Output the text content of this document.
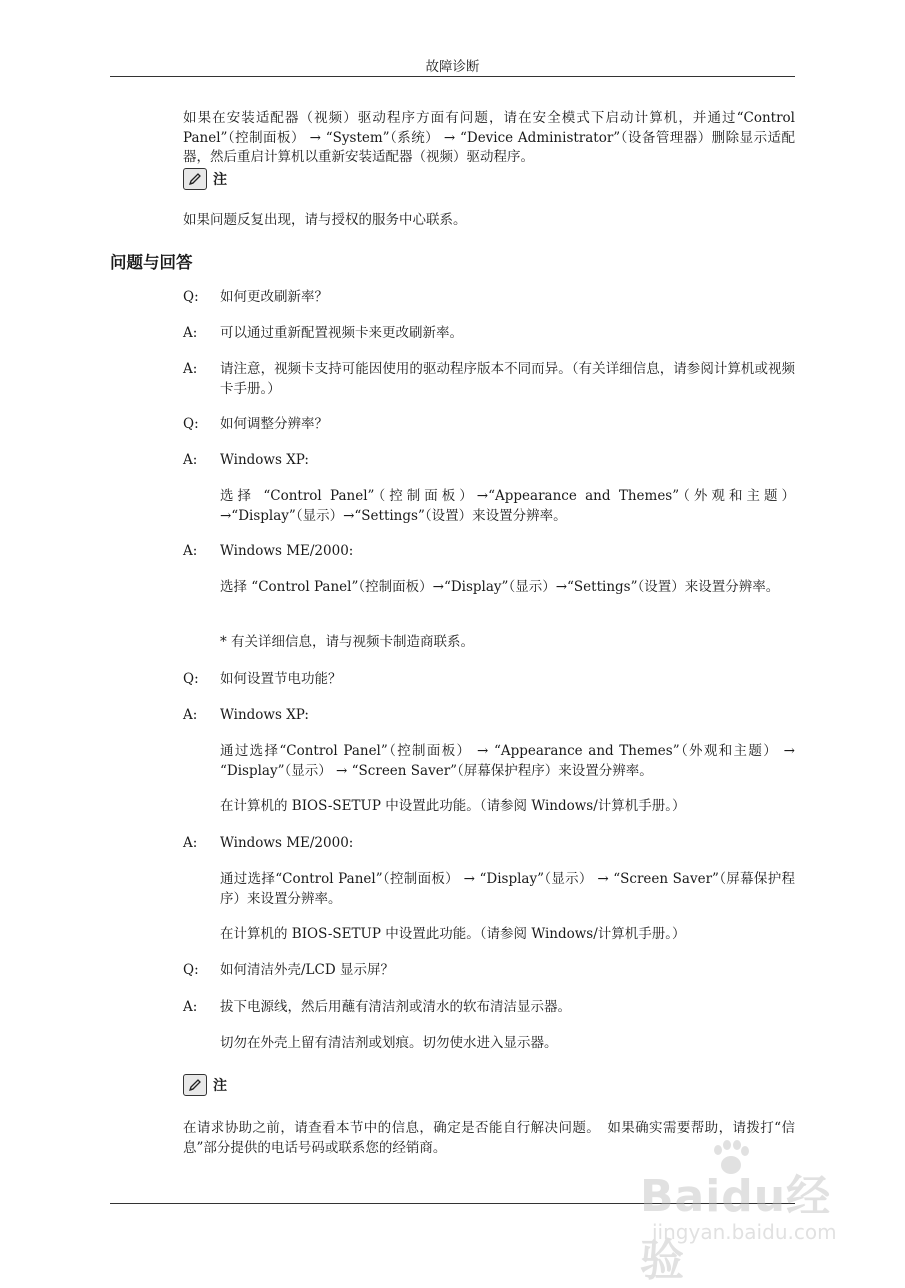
故障诊断
如果在安装适配器（视频）驱动程序方面有问题，请在安全模式下启动计算机，并通过“Control Panel”（控制面板） → “System”（系统） → “Device Administrator”（设备管理器）删除显示适配器，然后重启计算机以重新安装适配器（视频）驱动程序。
注
如果问题反复出现，请与授权的服务中心联系。
问题与回答
Q:	如何更改刷新率？
A:	可以通过重新配置视频卡来更改刷新率。
A:	请注意，视频卡支持可能因使用的驱动程序版本不同而异。（有关详细信息，请参阅计算机或视频卡手册。）
Q:	如何调整分辨率？
A:	Windows XP:
选择 “Control Panel”（控制面板）→“Appearance and Themes”（外观和主题）→“Display”（显示）→“Settings”（设置）来设置分辨率。
A:	Windows ME/2000:
选择 “Control Panel”（控制面板）→“Display”（显示）→“Settings”（设置）来设置分辨率。
* 有关详细信息，请与视频卡制造商联系。
Q:	如何设置节电功能？
A:	Windows XP:
通过选择“Control Panel”（控制面板） → “Appearance and Themes”（外观和主题） → “Display”（显示） → “Screen Saver”（屏幕保护程序）来设置分辨率。
在计算机的 BIOS-SETUP 中设置此功能。（请参阅 Windows/计算机手册。）
A:	Windows ME/2000:
通过选择“Control Panel”（控制面板） → “Display”（显示） → “Screen Saver”（屏幕保护程序）来设置分辨率。
在计算机的 BIOS-SETUP 中设置此功能。（请参阅 Windows/计算机手册。）
Q:	如何清洁外壳/LCD 显示屏？
A:	拔下电源线，然后用蘸有清洁剂或清水的软布清洁显示器。
切勿在外壳上留有清洁剂或划痕。切勿使水进入显示器。
注
在请求协助之前，请查看本节中的信息，确定是否能自行解决问题。　如果确实需要帮助，请拨打“信息”部分提供的电话号码或联系您的经销商。
Baidu经验
jingyan.baidu.com
